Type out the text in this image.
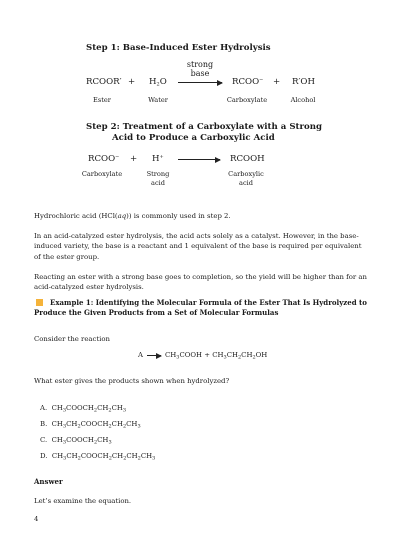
Step 1: Base-Induced Ester Hydrolysis
RCOOR′ + $H_2O$
strong
base
RCOO− + R′OH
Ester	Water	Carboxylate	Alcohol
Step 2: Treatment of a Carboxylate with a Strong
Acid to Produce a Carboxylic Acid
RCOO− + H+	RCOOH
Carboxylate	Strong
acid
Carboxylic
acid
Hydrochloric acid (HCl(aq)) is commonly used in step 2.
In an acid-catalyzed ester hydrolysis, the acid acts solely as a catalyst. However, in the base-induced variety, the base is a reactant and 1 equivalent of the base is required per equivalent of the ester group.
Reacting an ester with a strong base goes to completion, so the yield will be higher than for an acid-catalyzed ester hydrolysis.
Example 1: Identifying the Molecular Formula of the Ester That Is Hydrolyzed to
Produce the Given Products from a Set of Molecular Formulas
Consider the reaction
$A \to CH_3COOH + CH_3CH_2CH_2OH$
What ester gives the products shown when hydrolyzed?
A. $CH_3COOCH_2CH_2CH_3$
B. $CH_3CH_2COOCH_2CH_2CH_3$
C. $CH_3COOCH_2CH_3$
D. $CH_3CH_2COOCH_2CH_2CH_2CH_3$
Answer
Let’s examine the equation.
4
